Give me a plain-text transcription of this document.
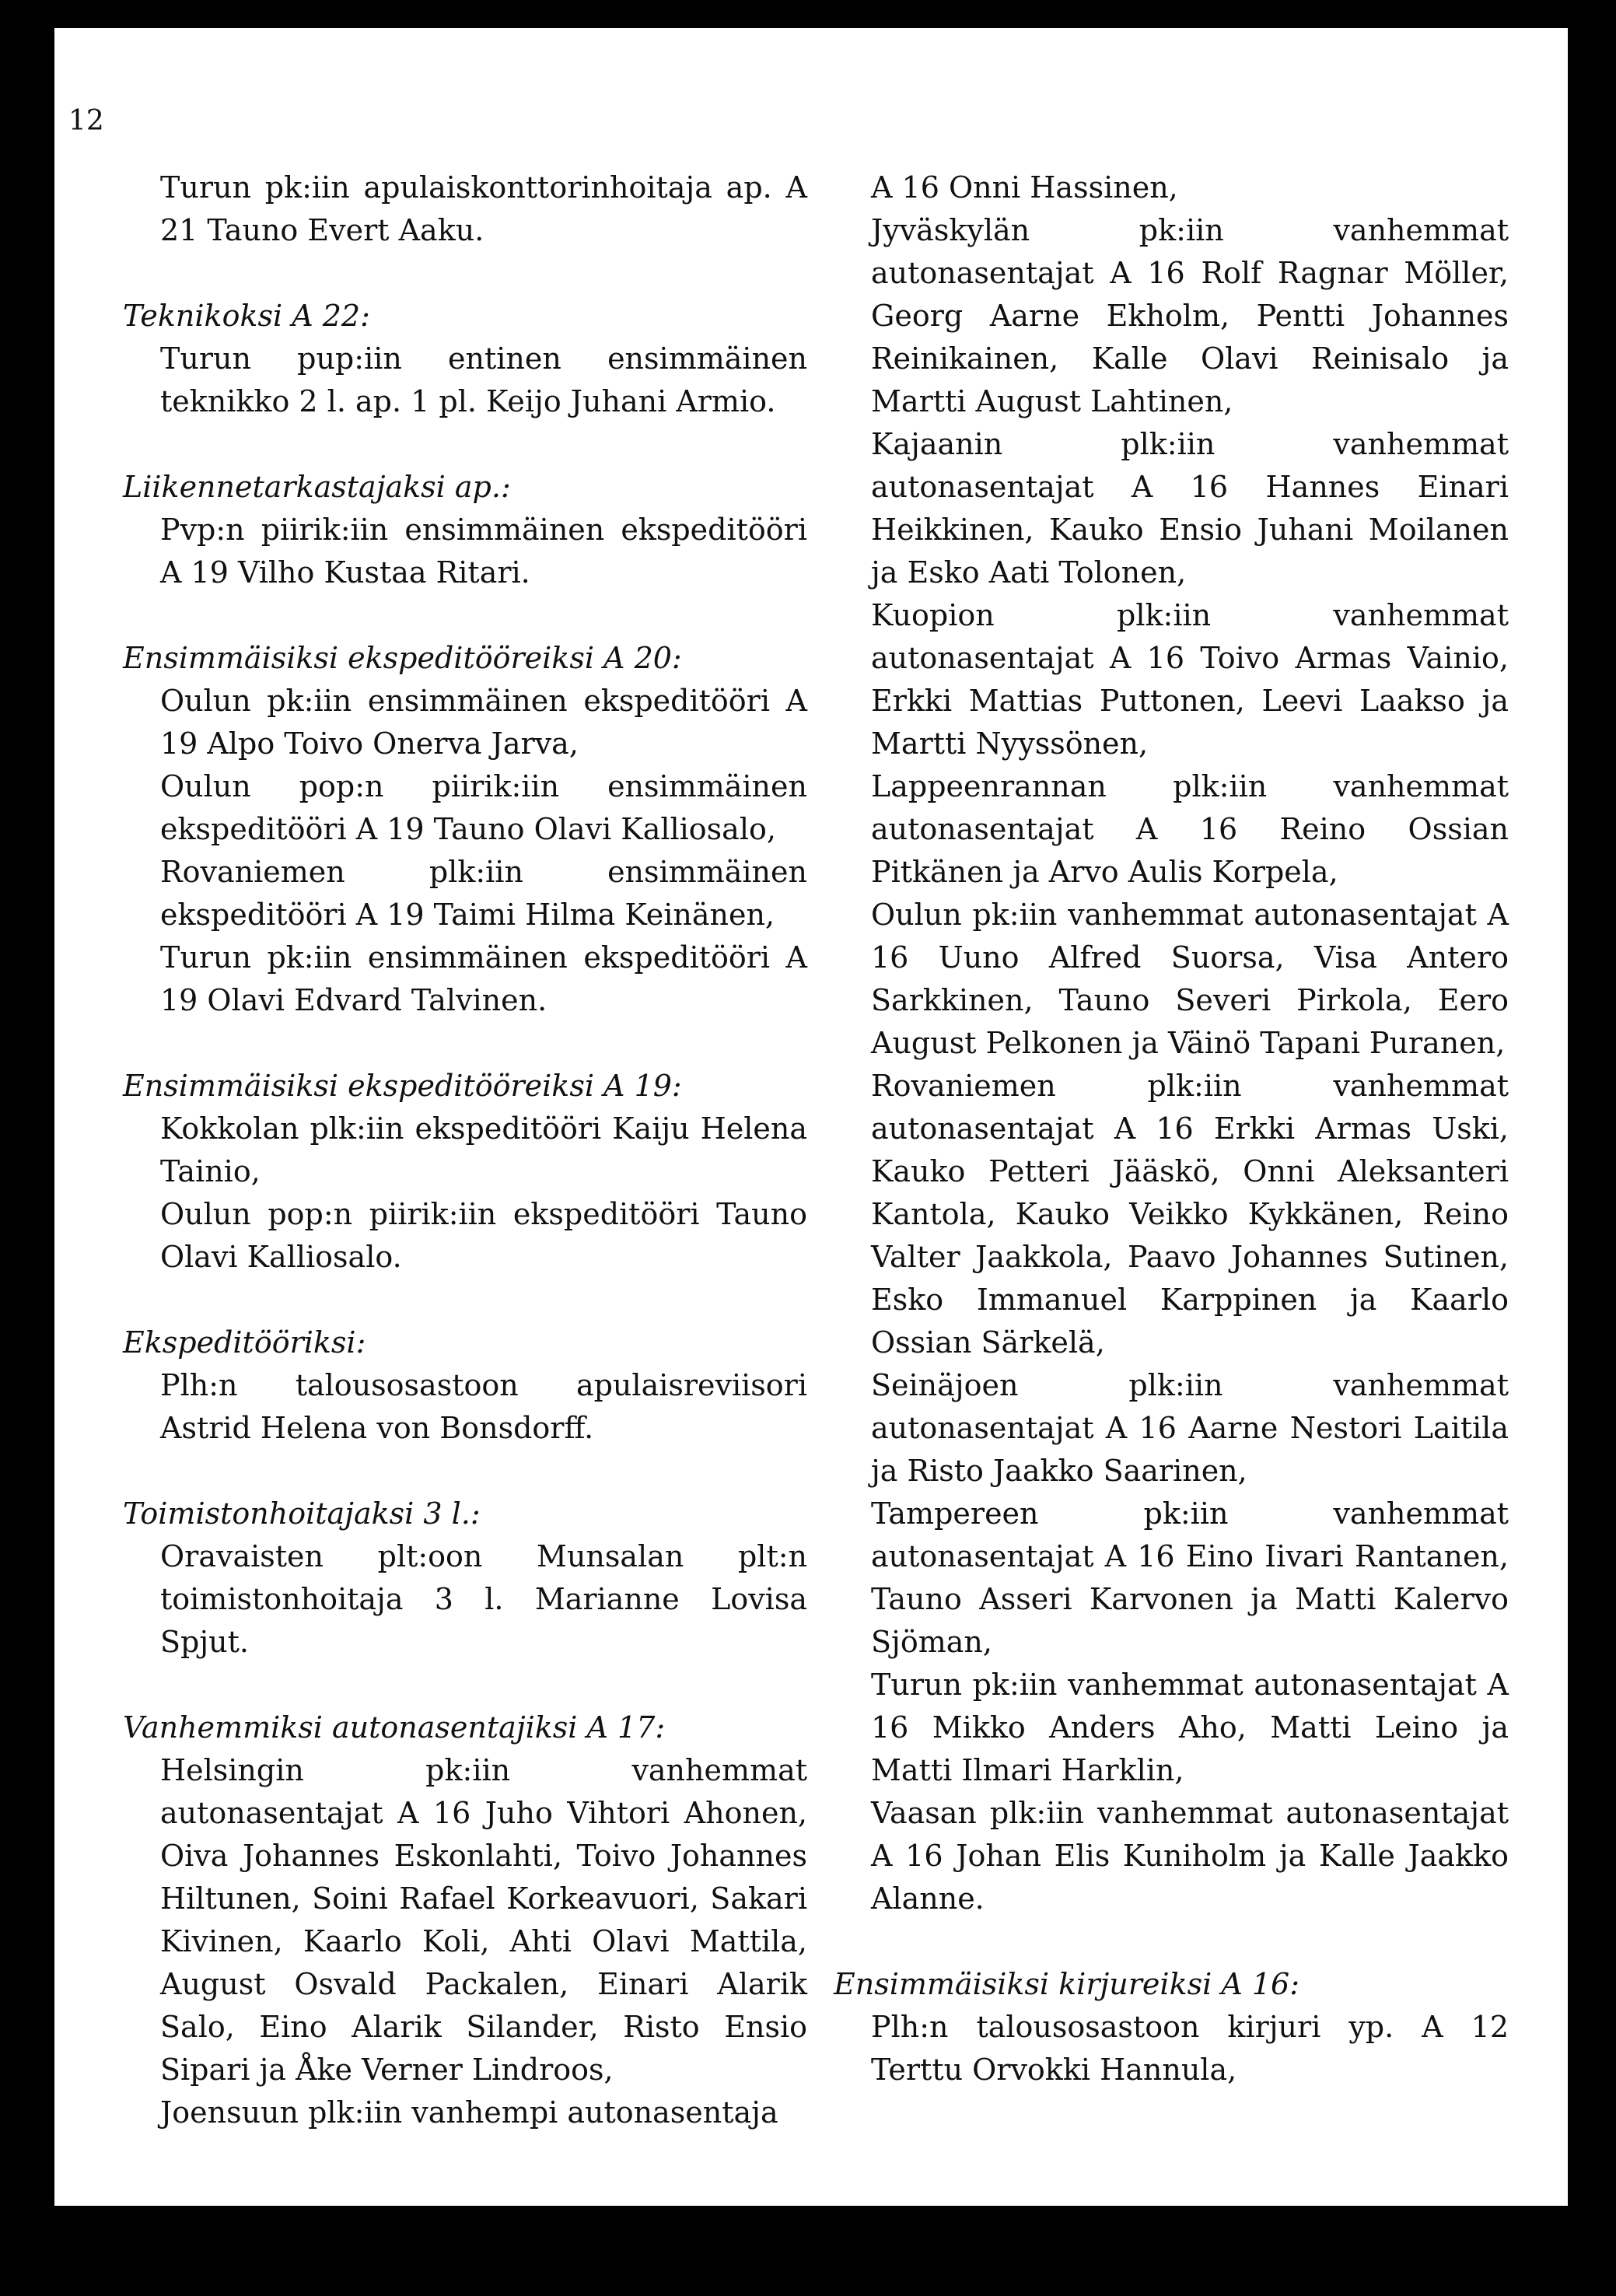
12
Turun pk:iin apulaiskonttorinhoitaja ap. A 21 Tauno Evert Aaku.
Teknikoksi A 22:
Turun pup:iin entinen ensimmäinen teknikko 2 l. ap. 1 pl. Keijo Juhani Armio.
Liikennetarkastajaksi ap.:
Pvp:n piirik:iin ensimmäinen ekspeditööri A 19 Vilho Kustaa Ritari.
Ensimmäisiksi ekspeditööreiksi A 20:
Oulun pk:iin ensimmäinen ekspeditööri A 19 Alpo Toivo Onerva Jarva,
Oulun pop:n piirik:iin ensimmäinen ekspeditööri A 19 Tauno Olavi Kalliosalo,
Rovaniemen plk:iin ensimmäinen ekspeditööri A 19 Taimi Hilma Keinänen,
Turun pk:iin ensimmäinen ekspeditööri A 19 Olavi Edvard Talvinen.
Ensimmäisiksi ekspeditööreiksi A 19:
Kokkolan plk:iin ekspeditööri Kaiju Helena Tainio,
Oulun pop:n piirik:iin ekspeditööri Tauno Olavi Kalliosalo.
Ekspeditööriksi:
Plh:n talousosastoon apulaisreviisori Astrid Helena von Bonsdorff.
Toimistonhoitajaksi 3 l.:
Oravaisten plt:oon Munsalan plt:n toimistonhoitaja 3 l. Marianne Lovisa Spjut.
Vanhemmiksi autonasentajiksi A 17:
Helsingin pk:iin vanhemmat autonasentajat A 16 Juho Vihtori Ahonen, Oiva Johannes Eskonlahti, Toivo Johannes Hiltunen, Soini Rafael Korkeavuori, Sakari Kivinen, Kaarlo Koli, Ahti Olavi Mattila, August Osvald Packalen, Einari Alarik Salo, Eino Alarik Silander, Risto Ensio Sipari ja Åke Verner Lindroos,
Joensuun plk:iin vanhempi autonasentaja
A 16 Onni Hassinen,
Jyväskylän pk:iin vanhemmat autonasentajat A 16 Rolf Ragnar Möller, Georg Aarne Ekholm, Pentti Johannes Reinikainen, Kalle Olavi Reinisalo ja Martti August Lahtinen,
Kajaanin plk:iin vanhemmat autonasentajat A 16 Hannes Einari Heikkinen, Kauko Ensio Juhani Moilanen ja Esko Aati Tolonen,
Kuopion plk:iin vanhemmat autonasentajat A 16 Toivo Armas Vainio, Erkki Mattias Puttonen, Leevi Laakso ja Martti Nyyssönen,
Lappeenrannan plk:iin vanhemmat autonasentajat A 16 Reino Ossian Pitkänen ja Arvo Aulis Korpela,
Oulun pk:iin vanhemmat autonasentajat A 16 Uuno Alfred Suorsa, Visa Antero Sarkkinen, Tauno Severi Pirkola, Eero August Pelkonen ja Väinö Tapani Puranen,
Rovaniemen plk:iin vanhemmat autonasentajat A 16 Erkki Armas Uski, Kauko Petteri Jääskö, Onni Aleksanteri Kantola, Kauko Veikko Kykkänen, Reino Valter Jaakkola, Paavo Johannes Sutinen, Esko Immanuel Karppinen ja Kaarlo Ossian Särkelä,
Seinäjoen plk:iin vanhemmat autonasentajat A 16 Aarne Nestori Laitila ja Risto Jaakko Saarinen,
Tampereen pk:iin vanhemmat autonasentajat A 16 Eino Iivari Rantanen, Tauno Asseri Karvonen ja Matti Kalervo Sjöman,
Turun pk:iin vanhemmat autonasentajat A 16 Mikko Anders Aho, Matti Leino ja Matti Ilmari Harklin,
Vaasan plk:iin vanhemmat autonasentajat A 16 Johan Elis Kuniholm ja Kalle Jaakko Alanne.
Ensimmäisiksi kirjureiksi A 16:
Plh:n talousosastoon kirjuri yp. A 12 Terttu Orvokki Hannula,
